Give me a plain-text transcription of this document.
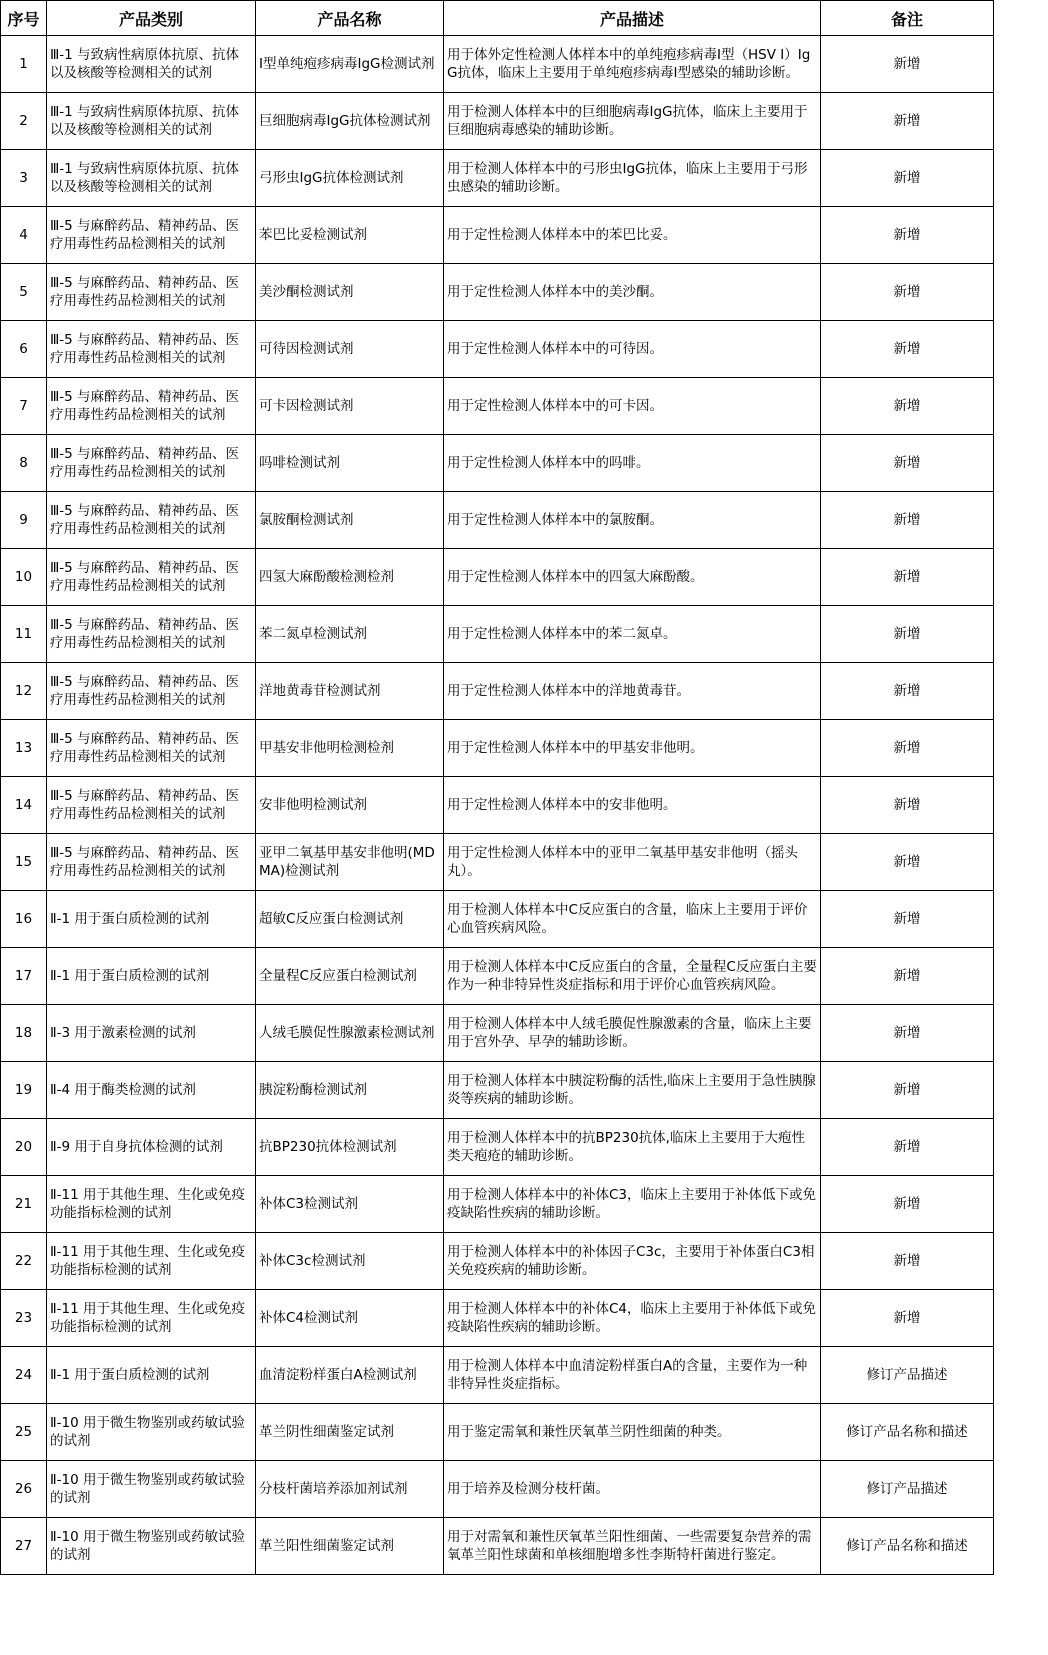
序号	产品类别	产品名称	产品描述	备注
1	Ⅲ-1 与致病性病原体抗原、抗体以及核酸等检测相关的试剂	Ⅰ型单纯疱疹病毒IgG检测试剂	用于体外定性检测人体样本中的单纯疱疹病毒Ⅰ型（HSV Ⅰ）IgG抗体，临床上主要用于单纯疱疹病毒Ⅰ型感染的辅助诊断。	新增
2	Ⅲ-1 与致病性病原体抗原、抗体以及核酸等检测相关的试剂	巨细胞病毒IgG抗体检测试剂	用于检测人体样本中的巨细胞病毒IgG抗体，临床上主要用于巨细胞病毒感染的辅助诊断。	新增
3	Ⅲ-1 与致病性病原体抗原、抗体以及核酸等检测相关的试剂	弓形虫IgG抗体检测试剂	用于检测人体样本中的弓形虫IgG抗体，临床上主要用于弓形虫感染的辅助诊断。	新增
4	Ⅲ-5 与麻醉药品、精神药品、医疗用毒性药品检测相关的试剂	苯巴比妥检测试剂	用于定性检测人体样本中的苯巴比妥。	新增
5	Ⅲ-5 与麻醉药品、精神药品、医疗用毒性药品检测相关的试剂	美沙酮检测试剂	用于定性检测人体样本中的美沙酮。	新增
6	Ⅲ-5 与麻醉药品、精神药品、医疗用毒性药品检测相关的试剂	可待因检测试剂	用于定性检测人体样本中的可待因。	新增
7	Ⅲ-5 与麻醉药品、精神药品、医疗用毒性药品检测相关的试剂	可卡因检测试剂	用于定性检测人体样本中的可卡因。	新增
8	Ⅲ-5 与麻醉药品、精神药品、医疗用毒性药品检测相关的试剂	吗啡检测试剂	用于定性检测人体样本中的吗啡。	新增
9	Ⅲ-5 与麻醉药品、精神药品、医疗用毒性药品检测相关的试剂	氯胺酮检测试剂	用于定性检测人体样本中的氯胺酮。	新增
10	Ⅲ-5 与麻醉药品、精神药品、医疗用毒性药品检测相关的试剂	四氢大麻酚酸检测检剂	用于定性检测人体样本中的四氢大麻酚酸。	新增
11	Ⅲ-5 与麻醉药品、精神药品、医疗用毒性药品检测相关的试剂	苯二氮卓检测试剂	用于定性检测人体样本中的苯二氮卓。	新增
12	Ⅲ-5 与麻醉药品、精神药品、医疗用毒性药品检测相关的试剂	洋地黄毒苷检测试剂	用于定性检测人体样本中的洋地黄毒苷。	新增
13	Ⅲ-5 与麻醉药品、精神药品、医疗用毒性药品检测相关的试剂	甲基安非他明检测检剂	用于定性检测人体样本中的甲基安非他明。	新增
14	Ⅲ-5 与麻醉药品、精神药品、医疗用毒性药品检测相关的试剂	安非他明检测试剂	用于定性检测人体样本中的安非他明。	新增
15	Ⅲ-5 与麻醉药品、精神药品、医疗用毒性药品检测相关的试剂	亚甲二氧基甲基安非他明(MDMA)检测试剂	用于定性检测人体样本中的亚甲二氧基甲基安非他明（摇头丸）。	新增
16	Ⅱ-1 用于蛋白质检测的试剂	超敏C反应蛋白检测试剂	用于检测人体样本中C反应蛋白的含量，临床上主要用于评价心血管疾病风险。	新增
17	Ⅱ-1 用于蛋白质检测的试剂	全量程C反应蛋白检测试剂	用于检测人体样本中C反应蛋白的含量，全量程C反应蛋白主要作为一种非特异性炎症指标和用于评价心血管疾病风险。	新增
18	Ⅱ-3 用于激素检测的试剂	人绒毛膜促性腺激素检测试剂	用于检测人体样本中人绒毛膜促性腺激素的含量，临床上主要用于宫外孕、早孕的辅助诊断。	新增
19	Ⅱ-4 用于酶类检测的试剂	胰淀粉酶检测试剂	用于检测人体样本中胰淀粉酶的活性,临床上主要用于急性胰腺炎等疾病的辅助诊断。	新增
20	Ⅱ-9 用于自身抗体检测的试剂	抗BP230抗体检测试剂	用于检测人体样本中的抗BP230抗体,临床上主要用于大疱性类天疱疮的辅助诊断。	新增
21	Ⅱ-11 用于其他生理、生化或免疫功能指标检测的试剂	补体C3检测试剂	用于检测人体样本中的补体C3，临床上主要用于补体低下或免疫缺陷性疾病的辅助诊断。	新增
22	Ⅱ-11 用于其他生理、生化或免疫功能指标检测的试剂	补体C3c检测试剂	用于检测人体样本中的补体因子C3c，主要用于补体蛋白C3相关免疫疾病的辅助诊断。	新增
23	Ⅱ-11 用于其他生理、生化或免疫功能指标检测的试剂	补体C4检测试剂	用于检测人体样本中的补体C4，临床上主要用于补体低下或免疫缺陷性疾病的辅助诊断。	新增
24	Ⅱ-1 用于蛋白质检测的试剂	血清淀粉样蛋白A检测试剂	用于检测人体样本中血清淀粉样蛋白A的含量，主要作为一种非特异性炎症指标。	修订产品描述
25	Ⅱ-10 用于微生物鉴别或药敏试验的试剂	革兰阴性细菌鉴定试剂	用于鉴定需氧和兼性厌氧革兰阴性细菌的种类。	修订产品名称和描述
26	Ⅱ-10 用于微生物鉴别或药敏试验的试剂	分枝杆菌培养添加剂试剂	用于培养及检测分枝杆菌。	修订产品描述
27	Ⅱ-10 用于微生物鉴别或药敏试验的试剂	革兰阳性细菌鉴定试剂	用于对需氧和兼性厌氧革兰阳性细菌、一些需要复杂营养的需氧革兰阳性球菌和单核细胞增多性李斯特杆菌进行鉴定。	修订产品名称和描述
